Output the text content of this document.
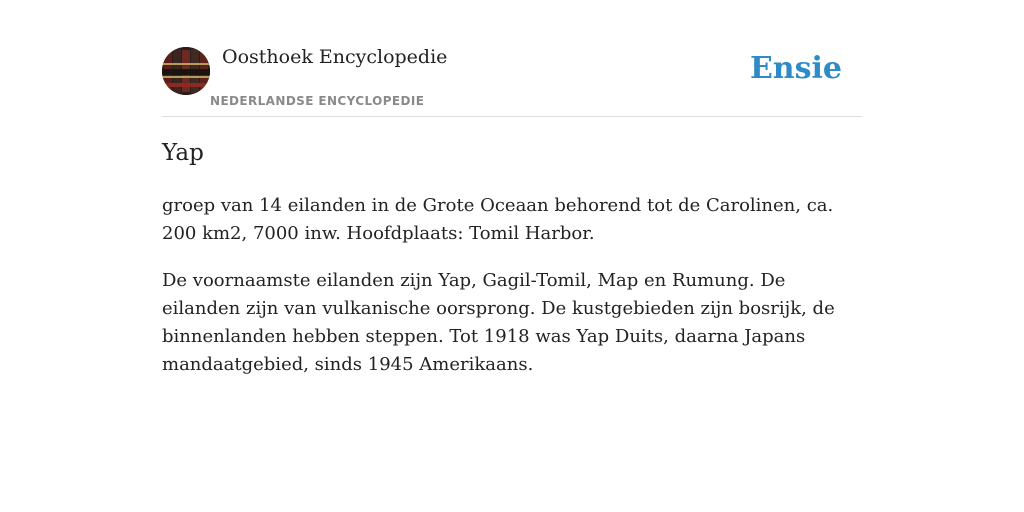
Oosthoek Encyclopedie
NEDERLANDSE ENCYCLOPEDIE
Ensie
Yap

groep van 14 eilanden in de Grote Oceaan behorend tot de Carolinen, ca. 200 km2, 7000 inw. Hoofdplaats: Tomil Harbor.

De voornaamste eilanden zijn Yap, Gagil-Tomil, Map en Rumung. De eilanden zijn van vulkanische oorsprong. De kustgebieden zijn bosrijk, de binnenlanden hebben steppen. Tot 1918 was Yap Duits, daarna Japans mandaatgebied, sinds 1945 Amerikaans.
